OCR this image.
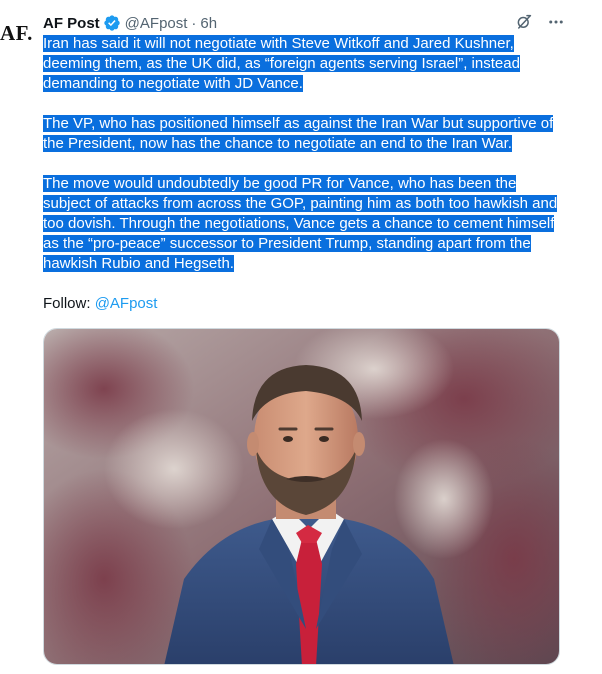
AF. AF Post @AFpost · 6h

Iran has said it will not negotiate with Steve Witkoff and Jared Kushner, deeming them, as the UK did, as “foreign agents serving Israel”, instead demanding to negotiate with JD Vance.

The VP, who has positioned himself as against the Iran War but supportive of the President, now has the chance to negotiate an end to the Iran War.

The move would undoubtedly be good PR for Vance, who has been the subject of attacks from across the GOP, painting him as both too hawkish and too dovish. Through the negotiations, Vance gets a chance to cement himself as the “pro-peace” successor to President Trump, standing apart from the hawkish Rubio and Hegseth.

Follow: @AFpost
